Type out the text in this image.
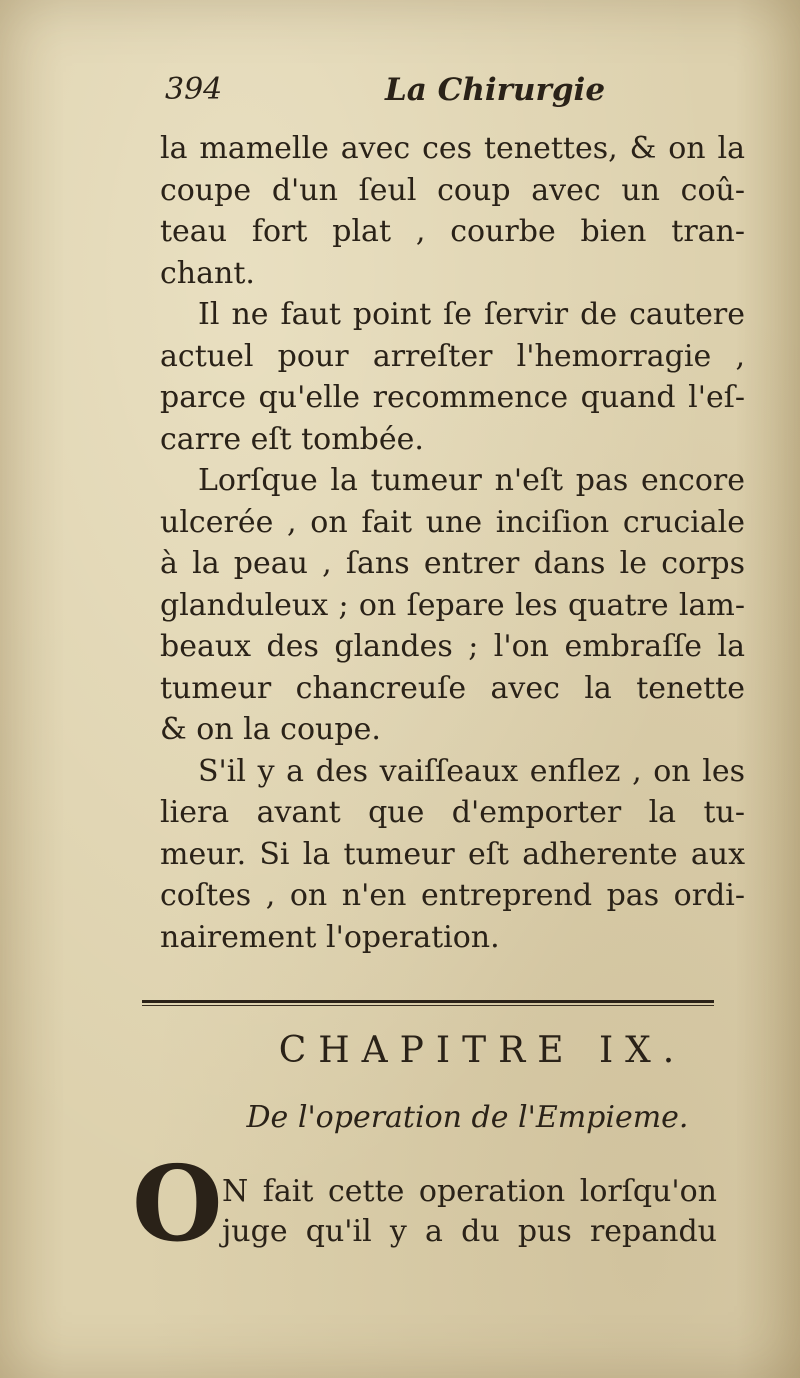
394	La Chirurgie
la mamelle avec ces tenettes, & on la
coupe d'un ſeul coup avec un coû-
teau fort plat , courbe bien tran-
chant.
Il ne faut point ſe ſervir de cautere
actuel pour arreſter l'hemorragie ,
parce qu'elle recommence quand l'eſ-
carre eſt tombée.
Lorſque la tumeur n'eſt pas encore
ulcerée , on fait une inciſion cruciale
à la peau , ſans entrer dans le corps
glanduleux ; on ſepare les quatre lam-
beaux des glandes ; l'on embraſſe la
tumeur chancreuſe avec la tenette
& on la coupe.
S'il y a des vaiſſeaux enflez , on les
liera avant que d'emporter la tu-
meur. Si la tumeur eſt adherente aux
coſtes , on n'en entreprend pas ordi-
nairement l'operation.
CHAPITRE IX.
De l'operation de l'Empieme.
O N fait cette operation lorſqu'on
juge qu'il y a du pus repandu
